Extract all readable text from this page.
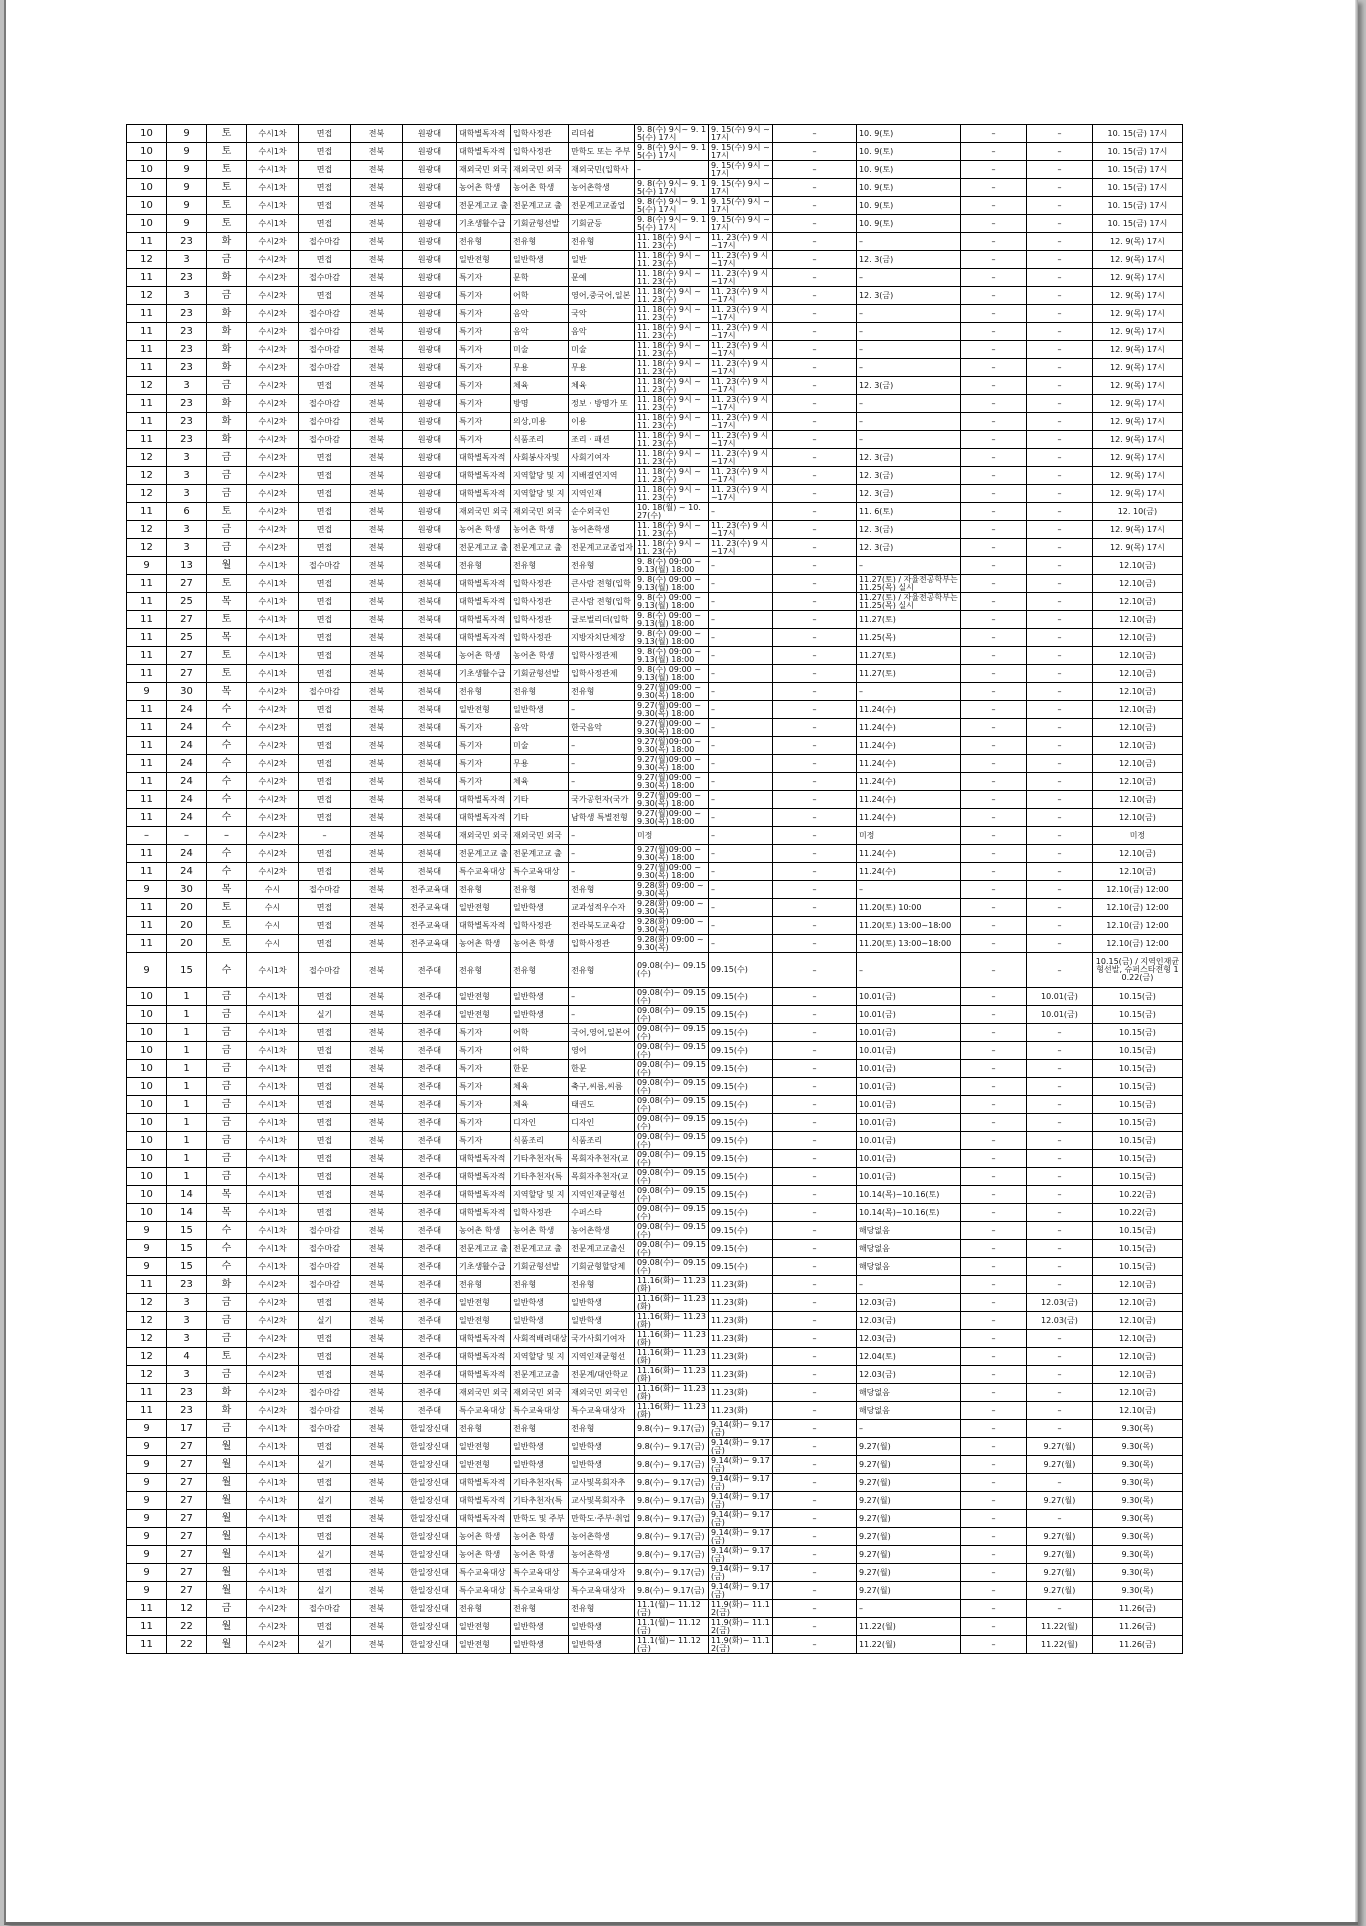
10	9	토	수시1차	면접	전북	원광대	대학별독자적	입학사정관	리더쉽	9. 8(수) 9시~ 9. 15(수) 17시	9. 15(수) 9시 ~17시	–	10. 9(토)	–	–	10. 15(금) 17시
10	9	토	수시1차	면접	전북	원광대	대학별독자적	입학사정관	만학도 또는 주부	9. 8(수) 9시~ 9. 15(수) 17시	9. 15(수) 9시 ~17시	–	10. 9(토)	–	–	10. 15(금) 17시
10	9	토	수시1차	면접	전북	원광대	재외국민 외국	재외국민 외국	재외국민(입학사	–	9. 15(수) 9시 ~17시	–	10. 9(토)	–	–	10. 15(금) 17시
10	9	토	수시1차	면접	전북	원광대	농어촌 학생	농어촌 학생	농어촌학생	9. 8(수) 9시~ 9. 15(수) 17시	9. 15(수) 9시 ~17시	–	10. 9(토)	–	–	10. 15(금) 17시
10	9	토	수시1차	면접	전북	원광대	전문계고교 출	전문계고교 출	전문계고교졸업	9. 8(수) 9시~ 9. 15(수) 17시	9. 15(수) 9시 ~17시	–	10. 9(토)	–	–	10. 15(금) 17시
10	9	토	수시1차	면접	전북	원광대	기초생활수급	기회균형선발	기회균등	9. 8(수) 9시~ 9. 15(수) 17시	9. 15(수) 9시 ~17시	–	10. 9(토)	–	–	10. 15(금) 17시
11	23	화	수시2차	접수마감	전북	원광대	전유형	전유형	전유형	11. 18(수) 9시 ~ 11. 23(수)	11. 23(수) 9 시~17시	–	–	–	–	12. 9(목) 17시
12	3	금	수시2차	면접	전북	원광대	일반전형	일반학생	일반	11. 18(수) 9시 ~ 11. 23(수)	11. 23(수) 9 시~17시	–	12. 3(금)	–	–	12. 9(목) 17시
11	23	화	수시2차	접수마감	전북	원광대	특기자	문학	문예	11. 18(수) 9시 ~ 11. 23(수)	11. 23(수) 9 시~17시	–	–	–	–	12. 9(목) 17시
12	3	금	수시2차	면접	전북	원광대	특기자	어학	영어,중국어,일본	11. 18(수) 9시 ~ 11. 23(수)	11. 23(수) 9 시~17시	–	12. 3(금)	–	–	12. 9(목) 17시
11	23	화	수시2차	접수마감	전북	원광대	특기자	음악	국악	11. 18(수) 9시 ~ 11. 23(수)	11. 23(수) 9 시~17시	–	–	–	–	12. 9(목) 17시
11	23	화	수시2차	접수마감	전북	원광대	특기자	음악	음악	11. 18(수) 9시 ~ 11. 23(수)	11. 23(수) 9 시~17시	–	–	–	–	12. 9(목) 17시
11	23	화	수시2차	접수마감	전북	원광대	특기자	미술	미술	11. 18(수) 9시 ~ 11. 23(수)	11. 23(수) 9 시~17시	–	–	–	–	12. 9(목) 17시
11	23	화	수시2차	접수마감	전북	원광대	특기자	무용	무용	11. 18(수) 9시 ~ 11. 23(수)	11. 23(수) 9 시~17시	–	–	–	–	12. 9(목) 17시
12	3	금	수시2차	면접	전북	원광대	특기자	체육	체육	11. 18(수) 9시 ~ 11. 23(수)	11. 23(수) 9 시~17시	–	12. 3(금)	–	–	12. 9(목) 17시
11	23	화	수시2차	접수마감	전북	원광대	특기자	방명	정보 · 방명가 또	11. 18(수) 9시 ~ 11. 23(수)	11. 23(수) 9 시~17시	–	–	–	–	12. 9(목) 17시
11	23	화	수시2차	접수마감	전북	원광대	특기자	의상,미용	이용	11. 18(수) 9시 ~ 11. 23(수)	11. 23(수) 9 시~17시	–	–	–	–	12. 9(목) 17시
11	23	화	수시2차	접수마감	전북	원광대	특기자	식품조리	조리 · 패션	11. 18(수) 9시 ~ 11. 23(수)	11. 23(수) 9 시~17시	–	–	–	–	12. 9(목) 17시
12	3	금	수시2차	면접	전북	원광대	대학별독자적	사회봉사자및	사회기여자	11. 18(수) 9시 ~ 11. 23(수)	11. 23(수) 9 시~17시	–	12. 3(금)	–	–	12. 9(목) 17시
12	3	금	수시2차	면접	전북	원광대	대학별독자적	지역할당 및 지	지배결연지역	11. 18(수) 9시 ~ 11. 23(수)	11. 23(수) 9 시~17시	–	12. 3(금)	–	–	12. 9(목) 17시
12	3	금	수시2차	면접	전북	원광대	대학별독자적	지역할당 및 지	지역인재	11. 18(수) 9시 ~ 11. 23(수)	11. 23(수) 9 시~17시	–	12. 3(금)	–	–	12. 9(목) 17시
11	6	토	수시2차	면접	전북	원광대	재외국민 외국	재외국민 외국	순수외국인	10. 18(월) ~ 10. 27(수)	–	–	11. 6(토)	–	–	12. 10(금)
12	3	금	수시2차	면접	전북	원광대	농어촌 학생	농어촌 학생	농어촌학생	11. 18(수) 9시 ~ 11. 23(수)	11. 23(수) 9 시~17시	–	12. 3(금)	–	–	12. 9(목) 17시
12	3	금	수시2차	면접	전북	원광대	전문계고교 출	전문계고교 출	전문계고교졸업자	11. 18(수) 9시 ~ 11. 23(수)	11. 23(수) 9 시~17시	–	12. 3(금)	–	–	12. 9(목) 17시
9	13	월	수시1차	접수마감	전북	전북대	전유형	전유형	전유형	9. 8(수) 09:00 ~ 9.13(월) 18:00	–	–	–	–	–	12.10(금)
11	27	토	수시1차	면접	전북	전북대	대학별독자적	입학사정관	큰사람 전형(입학	9. 8(수) 09:00 ~ 9.13(월) 18:00	–	–	11.27(토) / 자율전공학부는 11.25(목) 실시	–	–	12.10(금)
11	25	목	수시1차	면접	전북	전북대	대학별독자적	입학사정관	큰사람 전형(입학	9. 8(수) 09:00 ~ 9.13(월) 18:00	–	–	11.27(토) / 자율전공학부는 11.25(목) 실시	–	–	12.10(금)
11	27	토	수시1차	면접	전북	전북대	대학별독자적	입학사정관	글로벌리더(입학	9. 8(수) 09:00 ~ 9.13(월) 18:00	–	–	11.27(토)	–	–	12.10(금)
11	25	목	수시1차	면접	전북	전북대	대학별독자적	입학사정관	지방자치단체장	9. 8(수) 09:00 ~ 9.13(월) 18:00	–	–	11.25(목)	–	–	12.10(금)
11	27	토	수시1차	면접	전북	전북대	농어촌 학생	농어촌 학생	입학사정관제	9. 8(수) 09:00 ~ 9.13(월) 18:00	–	–	11.27(토)	–	–	12.10(금)
11	27	토	수시1차	면접	전북	전북대	기초생활수급	기회균형선발	입학사정관제	9. 8(수) 09:00 ~ 9.13(월) 18:00	–	–	11.27(토)	–	–	12.10(금)
9	30	목	수시2차	접수마감	전북	전북대	전유형	전유형	전유형	9.27(월)09:00 ~ 9.30(목) 18:00	–	–	–	–	–	12.10(금)
11	24	수	수시2차	면접	전북	전북대	일반전형	일반학생	–	9.27(월)09:00 ~ 9.30(목) 18:00	–	–	11.24(수)	–	–	12.10(금)
11	24	수	수시2차	면접	전북	전북대	특기자	음악	한국음악	9.27(월)09:00 ~ 9.30(목) 18:00	–	–	11.24(수)	–	–	12.10(금)
11	24	수	수시2차	면접	전북	전북대	특기자	미술	–	9.27(월)09:00 ~ 9.30(목) 18:00	–	–	11.24(수)	–	–	12.10(금)
11	24	수	수시2차	면접	전북	전북대	특기자	무용	–	9.27(월)09:00 ~ 9.30(목) 18:00	–	–	11.24(수)	–	–	12.10(금)
11	24	수	수시2차	면접	전북	전북대	특기자	체육	–	9.27(월)09:00 ~ 9.30(목) 18:00	–	–	11.24(수)	–	–	12.10(금)
11	24	수	수시2차	면접	전북	전북대	대학별독자적	기타	국가공헌자(국가	9.27(월)09:00 ~ 9.30(목) 18:00	–	–	11.24(수)	–	–	12.10(금)
11	24	수	수시2차	면접	전북	전북대	대학별독자적	기타	남학생 특별전형	9.27(월)09:00 ~ 9.30(목) 18:00	–	–	11.24(수)	–	–	12.10(금)
–	–	–	수시2차	–	전북	전북대	재외국민 외국	재외국민 외국	–	미정	–	–	미정	–	–	미정
11	24	수	수시2차	면접	전북	전북대	전문계고교 출	전문계고교 출	–	9.27(월)09:00 ~ 9.30(목) 18:00	–	–	11.24(수)	–	–	12.10(금)
11	24	수	수시2차	면접	전북	전북대	특수교육대상	특수교육대상	–	9.27(월)09:00 ~ 9.30(목) 18:00	–	–	11.24(수)	–	–	12.10(금)
9	30	목	수시	접수마감	전북	전주교육대	전유형	전유형	전유형	9.28(화) 09:00 ~ 9.30(목)	–	–	–	–	–	12.10(금) 12:00
11	20	토	수시	면접	전북	전주교육대	일반전형	일반학생	교과성적우수자	9.28(화) 09:00 ~ 9.30(목)	–	–	11.20(토) 10:00	–	–	12.10(금) 12:00
11	20	토	수시	면접	전북	전주교육대	대학별독자적	입학사정관	전라북도교육감	9.28(화) 09:00 ~ 9.30(목)	–	–	11.20(토) 13:00~18:00	–	–	12.10(금) 12:00
11	20	토	수시	면접	전북	전주교육대	농어촌 학생	농어촌 학생	입학사정관	9.28(화) 09:00 ~ 9.30(목)	–	–	11.20(토) 13:00~18:00	–	–	12.10(금) 12:00
9	15	수	수시1차	접수마감	전북	전주대	전유형	전유형	전유형	09.08(수)~ 09.15(수)	09.15(수)	–	–	–	–	10.15(금) / 지역인재균형선발, 슈퍼스타전형 10.22(금)
10	1	금	수시1차	면접	전북	전주대	일반전형	일반학생	–	09.08(수)~ 09.15(수)	09.15(수)	–	10.01(금)	–	10.01(금)	10.15(금)
10	1	금	수시1차	실기	전북	전주대	일반전형	일반학생	–	09.08(수)~ 09.15(수)	09.15(수)	–	10.01(금)	–	10.01(금)	10.15(금)
10	1	금	수시1차	면접	전북	전주대	특기자	어학	국어,영어,일본어	09.08(수)~ 09.15(수)	09.15(수)	–	10.01(금)	–	–	10.15(금)
10	1	금	수시1차	면접	전북	전주대	특기자	어학	영어	09.08(수)~ 09.15(수)	09.15(수)	–	10.01(금)	–	–	10.15(금)
10	1	금	수시1차	면접	전북	전주대	특기자	한문	한문	09.08(수)~ 09.15(수)	09.15(수)	–	10.01(금)	–	–	10.15(금)
10	1	금	수시1차	면접	전북	전주대	특기자	체육	축구,씨름,씨름	09.08(수)~ 09.15(수)	09.15(수)	–	10.01(금)	–	–	10.15(금)
10	1	금	수시1차	면접	전북	전주대	특기자	체육	태권도	09.08(수)~ 09.15(수)	09.15(수)	–	10.01(금)	–	–	10.15(금)
10	1	금	수시1차	면접	전북	전주대	특기자	디자인	디자인	09.08(수)~ 09.15(수)	09.15(수)	–	10.01(금)	–	–	10.15(금)
10	1	금	수시1차	면접	전북	전주대	특기자	식품조리	식품조리	09.08(수)~ 09.15(수)	09.15(수)	–	10.01(금)	–	–	10.15(금)
10	1	금	수시1차	면접	전북	전주대	대학별독자적	기타추천자(특	목회자추천자(교	09.08(수)~ 09.15(수)	09.15(수)	–	10.01(금)	–	–	10.15(금)
10	1	금	수시1차	면접	전북	전주대	대학별독자적	기타추천자(특	목회자추천자(교	09.08(수)~ 09.15(수)	09.15(수)	–	10.01(금)	–	–	10.15(금)
10	14	목	수시1차	면접	전북	전주대	대학별독자적	지역할당 및 지	지역인재균형선	09.08(수)~ 09.15(수)	09.15(수)	–	10.14(목)~10.16(토)	–	–	10.22(금)
10	14	목	수시1차	면접	전북	전주대	대학별독자적	입학사정관	수퍼스타	09.08(수)~ 09.15(수)	09.15(수)	–	10.14(목)~10.16(토)	–	–	10.22(금)
9	15	수	수시1차	접수마감	전북	전주대	농어촌 학생	농어촌 학생	농어촌학생	09.08(수)~ 09.15(수)	09.15(수)	–	해당없음	–	–	10.15(금)
9	15	수	수시1차	접수마감	전북	전주대	전문계고교 출	전문계고교 출	전문계고교출신	09.08(수)~ 09.15(수)	09.15(수)	–	해당없음	–	–	10.15(금)
9	15	수	수시1차	접수마감	전북	전주대	기초생활수급	기회균형선발	기회균형할당제	09.08(수)~ 09.15(수)	09.15(수)	–	해당없음	–	–	10.15(금)
11	23	화	수시2차	접수마감	전북	전주대	전유형	전유형	전유형	11.16(화)~ 11.23(화)	11.23(화)	–	–	–	–	12.10(금)
12	3	금	수시2차	면접	전북	전주대	일반전형	일반학생	일반학생	11.16(화)~ 11.23(화)	11.23(화)	–	12.03(금)	–	12.03(금)	12.10(금)
12	3	금	수시2차	실기	전북	전주대	일반전형	일반학생	일반학생	11.16(화)~ 11.23(화)	11.23(화)	–	12.03(금)	–	12.03(금)	12.10(금)
12	3	금	수시2차	면접	전북	전주대	대학별독자적	사회적배려대상	국가사회기여자	11.16(화)~ 11.23(화)	11.23(화)	–	12.03(금)	–	–	12.10(금)
12	4	토	수시2차	면접	전북	전주대	대학별독자적	지역할당 및 지	지역인재균형선	11.16(화)~ 11.23(화)	11.23(화)	–	12.04(토)	–	–	12.10(금)
12	3	금	수시2차	면접	전북	전주대	대학별독자적	전문계고교출	전문계/대안학교	11.16(화)~ 11.23(화)	11.23(화)	–	12.03(금)	–	–	12.10(금)
11	23	화	수시2차	접수마감	전북	전주대	재외국민 외국	재외국민 외국	재외국민 외국인	11.16(화)~ 11.23(화)	11.23(화)	–	해당없음	–	–	12.10(금)
11	23	화	수시2차	접수마감	전북	전주대	특수교육대상	특수교육대상	특수교육대상자	11.16(화)~ 11.23(화)	11.23(화)	–	해당없음	–	–	12.10(금)
9	17	금	수시1차	접수마감	전북	한일장신대	전유형	전유형	전유형	9.8(수)~ 9.17(금)	9.14(화)~ 9.17(금)	–	–	–	–	9.30(목)
9	27	월	수시1차	면접	전북	한일장신대	일반전형	일반학생	일반학생	9.8(수)~ 9.17(금)	9.14(화)~ 9.17(금)	–	9.27(월)	–	9.27(월)	9.30(목)
9	27	월	수시1차	실기	전북	한일장신대	일반전형	일반학생	일반학생	9.8(수)~ 9.17(금)	9.14(화)~ 9.17(금)	–	9.27(월)	–	9.27(월)	9.30(목)
9	27	월	수시1차	면접	전북	한일장신대	대학별독자적	기타추천자(특	교사및목회자추	9.8(수)~ 9.17(금)	9.14(화)~ 9.17(금)	–	9.27(월)	–	–	9.30(목)
9	27	월	수시1차	실기	전북	한일장신대	대학별독자적	기타추천자(특	교사및목회자추	9.8(수)~ 9.17(금)	9.14(화)~ 9.17(금)	–	9.27(월)	–	9.27(월)	9.30(목)
9	27	월	수시1차	면접	전북	한일장신대	대학별독자적	만학도 및 주부	만학도·주부·취업	9.8(수)~ 9.17(금)	9.14(화)~ 9.17(금)	–	9.27(월)	–	–	9.30(목)
9	27	월	수시1차	면접	전북	한일장신대	농어촌 학생	농어촌 학생	농어촌학생	9.8(수)~ 9.17(금)	9.14(화)~ 9.17(금)	–	9.27(월)	–	9.27(월)	9.30(목)
9	27	월	수시1차	실기	전북	한일장신대	농어촌 학생	농어촌 학생	농어촌학생	9.8(수)~ 9.17(금)	9.14(화)~ 9.17(금)	–	9.27(월)	–	9.27(월)	9.30(목)
9	27	월	수시1차	면접	전북	한일장신대	특수교육대상	특수교육대상	특수교육대상자	9.8(수)~ 9.17(금)	9.14(화)~ 9.17(금)	–	9.27(월)	–	9.27(월)	9.30(목)
9	27	월	수시1차	실기	전북	한일장신대	특수교육대상	특수교육대상	특수교육대상자	9.8(수)~ 9.17(금)	9.14(화)~ 9.17(금)	–	9.27(월)	–	9.27(월)	9.30(목)
11	12	금	수시2차	접수마감	전북	한일장신대	전유형	전유형	전유형	11.1(월)~ 11.12(금)	11.9(화)~ 11.12(금)	–	–	–	–	11.26(금)
11	22	월	수시2차	면접	전북	한일장신대	일반전형	일반학생	일반학생	11.1(월)~ 11.12(금)	11.9(화)~ 11.12(금)	–	11.22(월)	–	11.22(월)	11.26(금)
11	22	월	수시2차	실기	전북	한일장신대	일반전형	일반학생	일반학생	11.1(월)~ 11.12(금)	11.9(화)~ 11.12(금)	–	11.22(월)	–	11.22(월)	11.26(금)
